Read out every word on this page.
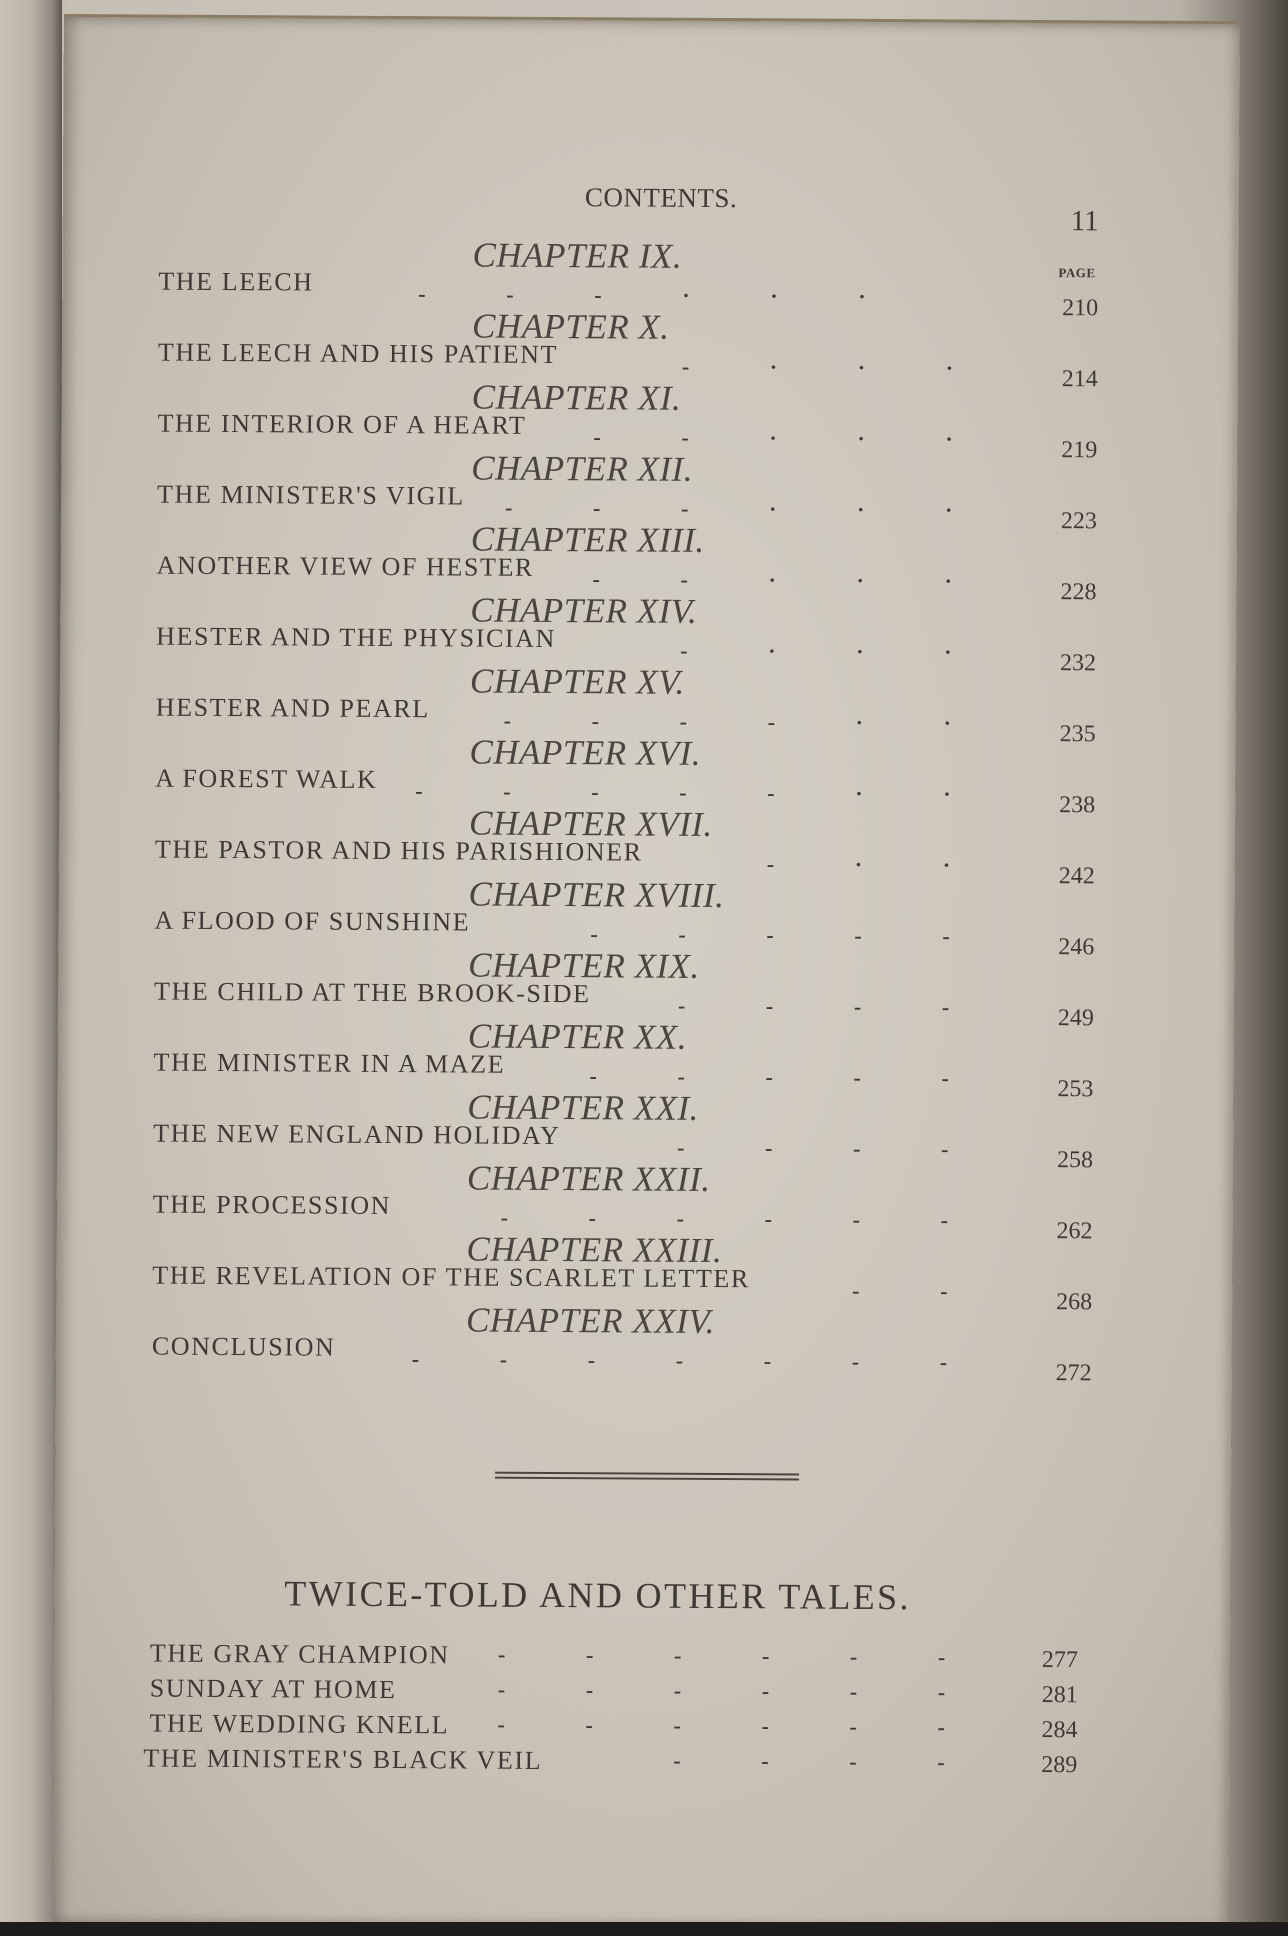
CONTENTS.
11
PAGE
CHAPTER IX.
THE LEECH	-	-	-	·	·	·	210
CHAPTER X.
THE LEECH AND HIS PATIENT	-	·	·	·	214
CHAPTER XI.
THE INTERIOR OF A HEART	-	-	·	·	·	219
CHAPTER XII.
THE MINISTER'S VIGIL -	-	-	·	·	·	223
CHAPTER XIII.
ANOTHER VIEW OF HESTER	-	-	·	·	·	228
CHAPTER XIV.
HESTER AND THE PHYSICIAN	-	·	·	·	232
CHAPTER XV.
HESTER AND PEARL	-	-	-	-	·	·	235
CHAPTER XVI.
A FOREST WALK -	-	-	-	-	·	·	238
CHAPTER XVII.
THE PASTOR AND HIS PARISHIONER	-	·	·	242
CHAPTER XVIII.
A FLOOD OF SUNSHINE	-	-	-	-	-	246
CHAPTER XIX.
THE CHILD AT THE BROOK-SIDE	-	-	-	-	249
CHAPTER XX.
THE MINISTER IN A MAZE	-	-	-	-	-	253
CHAPTER XXI.
THE NEW ENGLAND HOLIDAY	-	-	-	-	258
CHAPTER XXII.
THE PROCESSION	-	-	-	-	-	-	262
CHAPTER XXIII.
THE REVELATION OF THE SCARLET LETTER	-	-	268
CHAPTER XXIV.
CONCLUSION	-	-	-	-	-	-	-	272
TWICE-TOLD AND OTHER TALES.
THE GRAY CHAMPION -	-	-	-	-	-	277
SUNDAY AT HOME	-	-	-	-	-	-	281
THE WEDDING KNELL -	-	-	-	-	-	284
THE MINISTER'S BLACK VEIL	-	-	-	-	289
